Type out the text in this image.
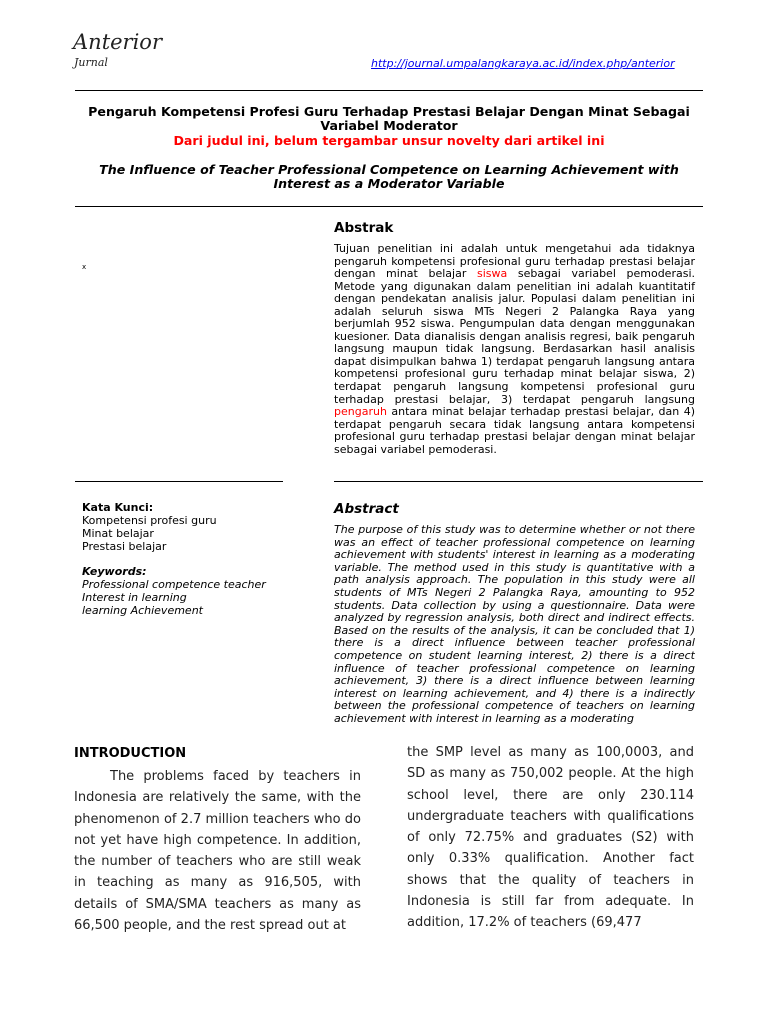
Anterior
Jurnal	http://journal.umpalangkaraya.ac.id/index.php/anterior
Pengaruh Kompetensi Profesi Guru Terhadap Prestasi Belajar Dengan Minat Sebagai Variabel Moderator
Dari judul ini, belum tergambar unsur novelty dari artikel ini
The Influence of Teacher Professional Competence on Learning Achievement with Interest as a Moderator Variable
x
Abstrak
Tujuan penelitian ini adalah untuk mengetahui ada tidaknya pengaruh kompetensi profesional guru terhadap prestasi belajar dengan minat belajar siswa sebagai variabel pemoderasi. Metode yang digunakan dalam penelitian ini adalah kuantitatif dengan pendekatan analisis jalur. Populasi dalam penelitian ini adalah seluruh siswa MTs Negeri 2 Palangka Raya yang berjumlah 952 siswa. Pengumpulan data dengan menggunakan kuesioner. Data dianalisis dengan analisis regresi, baik pengaruh langsung maupun tidak langsung. Berdasarkan hasil analisis dapat disimpulkan bahwa 1) terdapat pengaruh langsung antara kompetensi profesional guru terhadap minat belajar siswa, 2) terdapat pengaruh langsung kompetensi profesional guru terhadap prestasi belajar, 3) terdapat pengaruh langsung pengaruh antara minat belajar terhadap prestasi belajar, dan 4) terdapat pengaruh secara tidak langsung antara kompetensi profesional guru terhadap prestasi belajar dengan minat belajar sebagai variabel pemoderasi.
Kata Kunci:
Kompetensi profesi guru
Minat belajar
Prestasi belajar
Keywords:
Professional competence teacher
Interest in learning
learning Achievement
Abstract
The purpose of this study was to determine whether or not there was an effect of teacher professional competence on learning achievement with students' interest in learning as a moderating variable. The method used in this study is quantitative with a path analysis approach. The population in this study were all students of MTs Negeri 2 Palangka Raya, amounting to 952 students. Data collection by using a questionnaire. Data were analyzed by regression analysis, both direct and indirect effects. Based on the results of the analysis, it can be concluded that 1) there is a direct influence between teacher professional competence on student learning interest, 2) there is a direct influence of teacher professional competence on learning achievement, 3) there is a direct influence between learning interest on learning achievement, and 4) there is a indirectly between the professional competence of teachers on learning achievement with interest in learning as a moderating
INTRODUCTION
The problems faced by teachers in Indonesia are relatively the same, with the phenomenon of 2.7 million teachers who do not yet have high competence. In addition, the number of teachers who are still weak in teaching as many as 916,505, with details of SMA/SMA teachers as many as 66,500 people, and the rest spread out at
the SMP level as many as 100,0003, and SD as many as 750,002 people. At the high school level, there are only 230.114 undergraduate teachers with qualifications of only 72.75% and graduates (S2) with only 0.33% qualification. Another fact shows that the quality of teachers in Indonesia is still far from adequate. In addition, 17.2% of teachers (69,477
